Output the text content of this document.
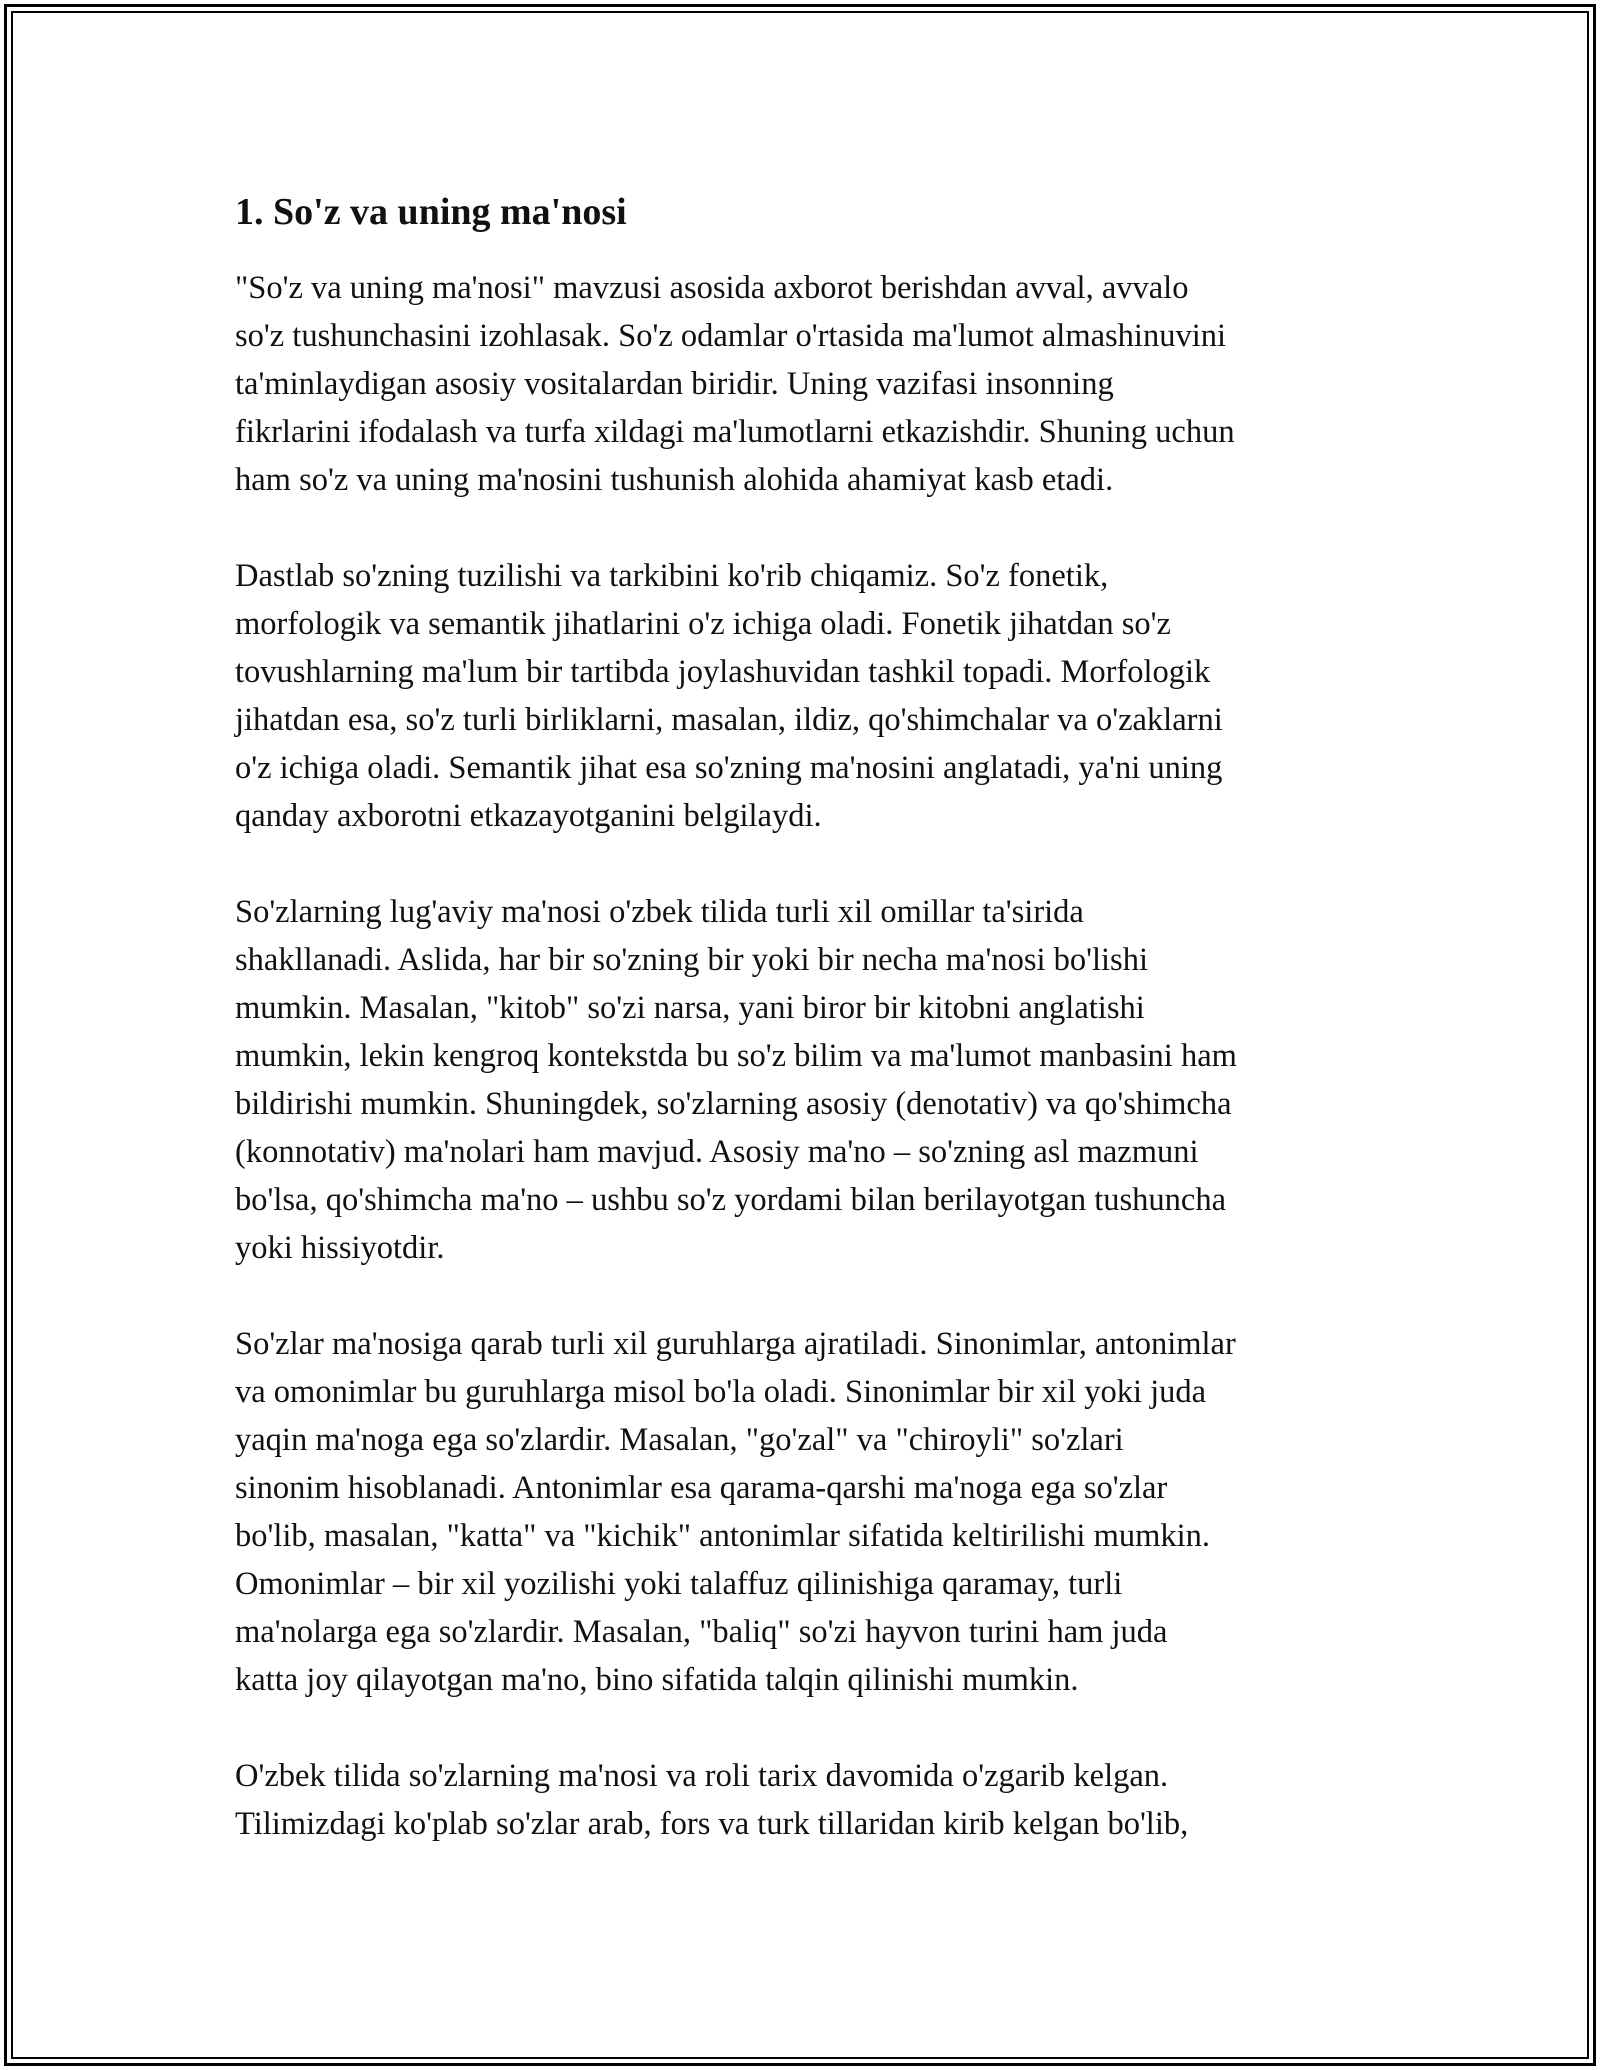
1. So'z va uning ma'nosi

"So'z va uning ma'nosi" mavzusi asosida axborot berishdan avval, avvalo
so'z tushunchasini izohlasak. So'z odamlar o'rtasida ma'lumot almashinuvini
ta'minlaydigan asosiy vositalardan biridir. Uning vazifasi insonning
fikrlarini ifodalash va turfa xildagi ma'lumotlarni etkazishdir. Shuning uchun
ham so'z va uning ma'nosini tushunish alohida ahamiyat kasb etadi.

Dastlab so'zning tuzilishi va tarkibini ko'rib chiqamiz. So'z fonetik,
morfologik va semantik jihatlarini o'z ichiga oladi. Fonetik jihatdan so'z
tovushlarning ma'lum bir tartibda joylashuvidan tashkil topadi. Morfologik
jihatdan esa, so'z turli birliklarni, masalan, ildiz, qo'shimchalar va o'zaklarni
o'z ichiga oladi. Semantik jihat esa so'zning ma'nosini anglatadi, ya'ni uning
qanday axborotni etkazayotganini belgilaydi.

So'zlarning lug'aviy ma'nosi o'zbek tilida turli xil omillar ta'sirida
shakllanadi. Aslida, har bir so'zning bir yoki bir necha ma'nosi bo'lishi
mumkin. Masalan, "kitob" so'zi narsa, yani biror bir kitobni anglatishi
mumkin, lekin kengroq kontekstda bu so'z bilim va ma'lumot manbasini ham
bildirishi mumkin. Shuningdek, so'zlarning asosiy (denotativ) va qo'shimcha
(konnotativ) ma'nolari ham mavjud. Asosiy ma'no – so'zning asl mazmuni
bo'lsa, qo'shimcha ma'no – ushbu so'z yordami bilan berilayotgan tushuncha
yoki hissiyotdir.

So'zlar ma'nosiga qarab turli xil guruhlarga ajratiladi. Sinonimlar, antonimlar
va omonimlar bu guruhlarga misol bo'la oladi. Sinonimlar bir xil yoki juda
yaqin ma'noga ega so'zlardir. Masalan, "go'zal" va "chiroyli" so'zlari
sinonim hisoblanadi. Antonimlar esa qarama-qarshi ma'noga ega so'zlar
bo'lib, masalan, "katta" va "kichik" antonimlar sifatida keltirilishi mumkin.
Omonimlar – bir xil yozilishi yoki talaffuz qilinishiga qaramay, turli
ma'nolarga ega so'zlardir. Masalan, "baliq" so'zi hayvon turini ham juda
katta joy qilayotgan ma'no, bino sifatida talqin qilinishi mumkin.

O'zbek tilida so'zlarning ma'nosi va roli tarix davomida o'zgarib kelgan.
Tilimizdagi ko'plab so'zlar arab, fors va turk tillaridan kirib kelgan bo'lib,
